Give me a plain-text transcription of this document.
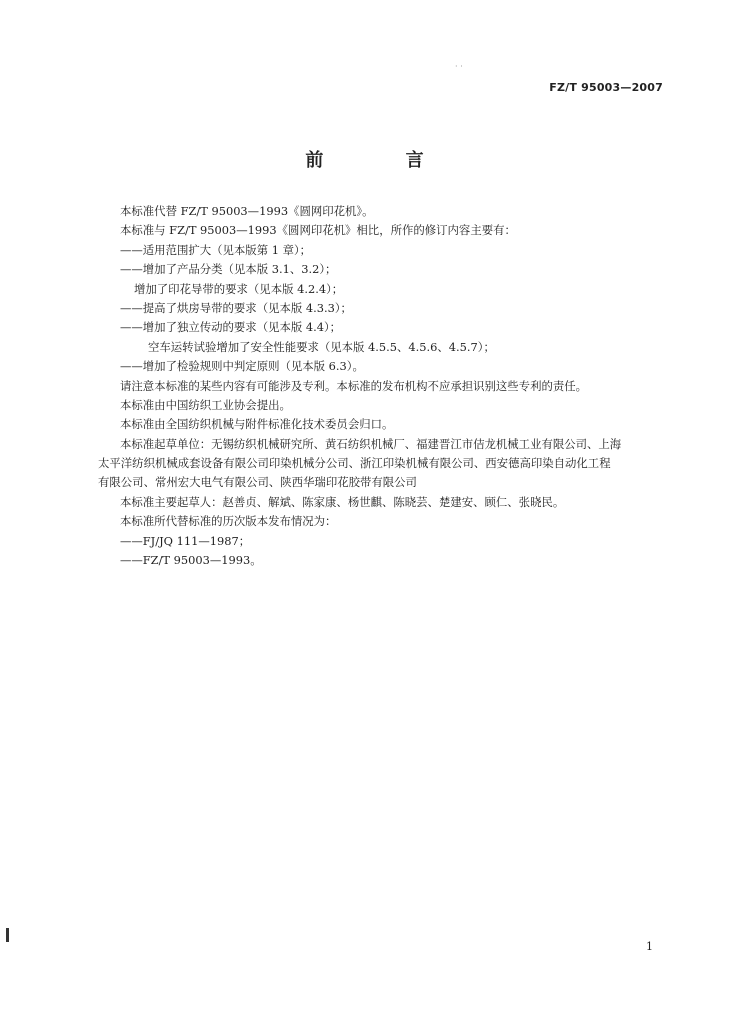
· ·
FZ/T 95003—2007
前 言
本标准代替 FZ/T 95003—1993《圆网印花机》。
本标准与 FZ/T 95003—1993《圆网印花机》相比，所作的修订内容主要有：
——适用范围扩大（见本版第 1 章）；
——增加了产品分类（见本版 3.1、3.2）；
增加了印花导带的要求（见本版 4.2.4）；
——提高了烘房导带的要求（见本版 4.3.3）；
——增加了独立传动的要求（见本版 4.4）；
空车运转试验增加了安全性能要求（见本版 4.5.5、4.5.6、4.5.7）；
——增加了检验规则中判定原则（见本版 6.3）。
请注意本标准的某些内容有可能涉及专利。本标准的发布机构不应承担识别这些专利的责任。
本标准由中国纺织工业协会提出。
本标准由全国纺织机械与附件标准化技术委员会归口。
本标准起草单位：无锡纺织机械研究所、黄石纺织机械厂、福建晋江市佶龙机械工业有限公司、上海
太平洋纺织机械成套设备有限公司印染机械分公司、浙江印染机械有限公司、西安德高印染自动化工程
有限公司、常州宏大电气有限公司、陕西华瑞印花胶带有限公司
本标准主要起草人：赵善贞、解斌、陈家康、杨世麒、陈晓芸、楚建安、顾仁、张晓民。
本标准所代替标准的历次版本发布情况为：
——FJ/JQ 111—1987；
——FZ/T 95003—1993。
1
